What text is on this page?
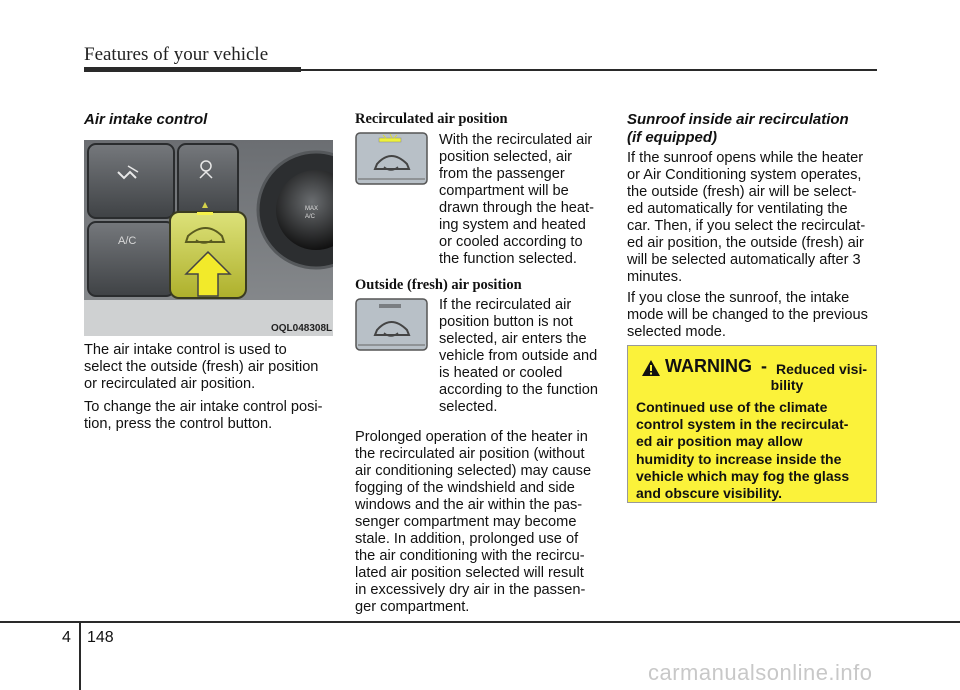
Features of your vehicle
Air intake control
A/C
MAX
A/C
OQL048308L
The air intake control is used to
select the outside (fresh) air position
or recirculated air position.
To change the air intake control posi-
tion, press the control button.
Recirculated air position
With the recirculated air
position selected, air
from the passenger
compartment will be
drawn through the heat-
ing system and heated
or cooled according to
the function selected.
Outside (fresh) air position
If the recirculated air
position button is not
selected, air enters the
vehicle from outside and
is heated or cooled
according to the function
selected.
Prolonged operation of the heater in
the recirculated air position (without
air conditioning selected) may cause
fogging of the windshield and side
windows and the air within the pas-
senger compartment may become
stale. In addition, prolonged use of
the air conditioning with the recircu-
lated air position selected will result
in excessively dry air in the passen-
ger compartment.
Sunroof inside air recirculation
(if equipped)
If the sunroof opens while the heater
or Air Conditioning system operates,
the outside (fresh) air will be select-
ed automatically for ventilating the
car. Then, if you select the recirculat-
ed air position, the outside (fresh) air
will be selected automatically after 3
minutes.
If you close the sunroof, the intake
mode will be changed to the previous
selected mode.
WARNING - Reduced visi-
bility
Continued use of the climate
control system in the recirculat-
ed air position may allow
humidity to increase inside the
vehicle which may fog the glass
and obscure visibility.
4 148
carmanualsonline.info
